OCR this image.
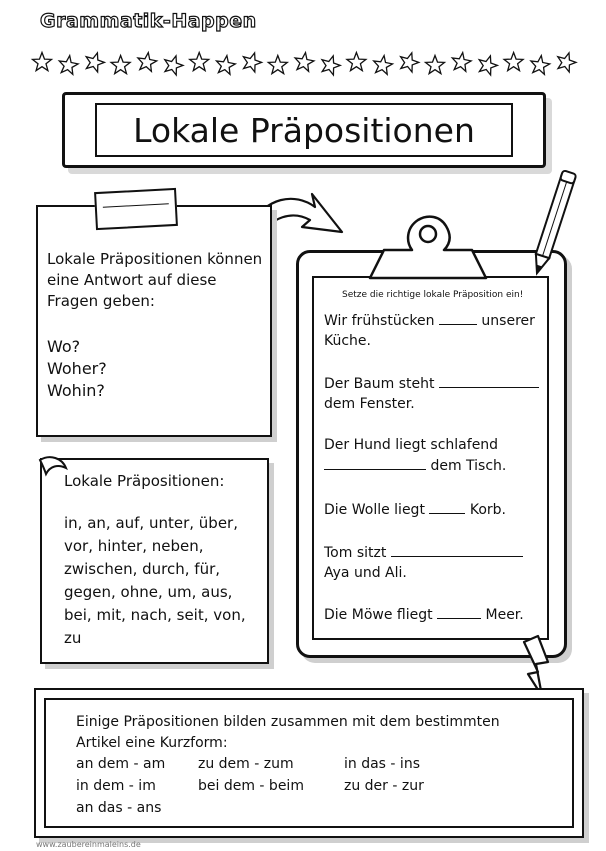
Grammatik-Happen
Lokale Präpositionen

Lokale Präpositionen können

eine Antwort auf diese

Fragen geben:

Wo?

Woher?

Wohin?

Lokale Präpositionen:
in, an, auf, unter, über,
vor, hinter, neben,
zwischen, durch, für,
gegen, ohne, um, aus,
bei, mit, nach, seit, von,
zu
Setze die richtige lokale Präposition ein!
Wir frühstücken	unserer
Küche.
Der Baum steht
dem Fenster.
Der Hund liegt schlafend
dem Tisch.
Die Wolle liegt	Korb.
Tom sitzt
Aya und Ali.
Die Möwe fliegt	Meer.
Einige Präpositionen bilden zusammen mit dem bestimmten
Artikel eine Kurzform:
an dem - am zu dem - zum	in das - ins
in dem - im	bei dem - beim	zu der - zur
an das - ans
www.zaubereinmaleins.de
